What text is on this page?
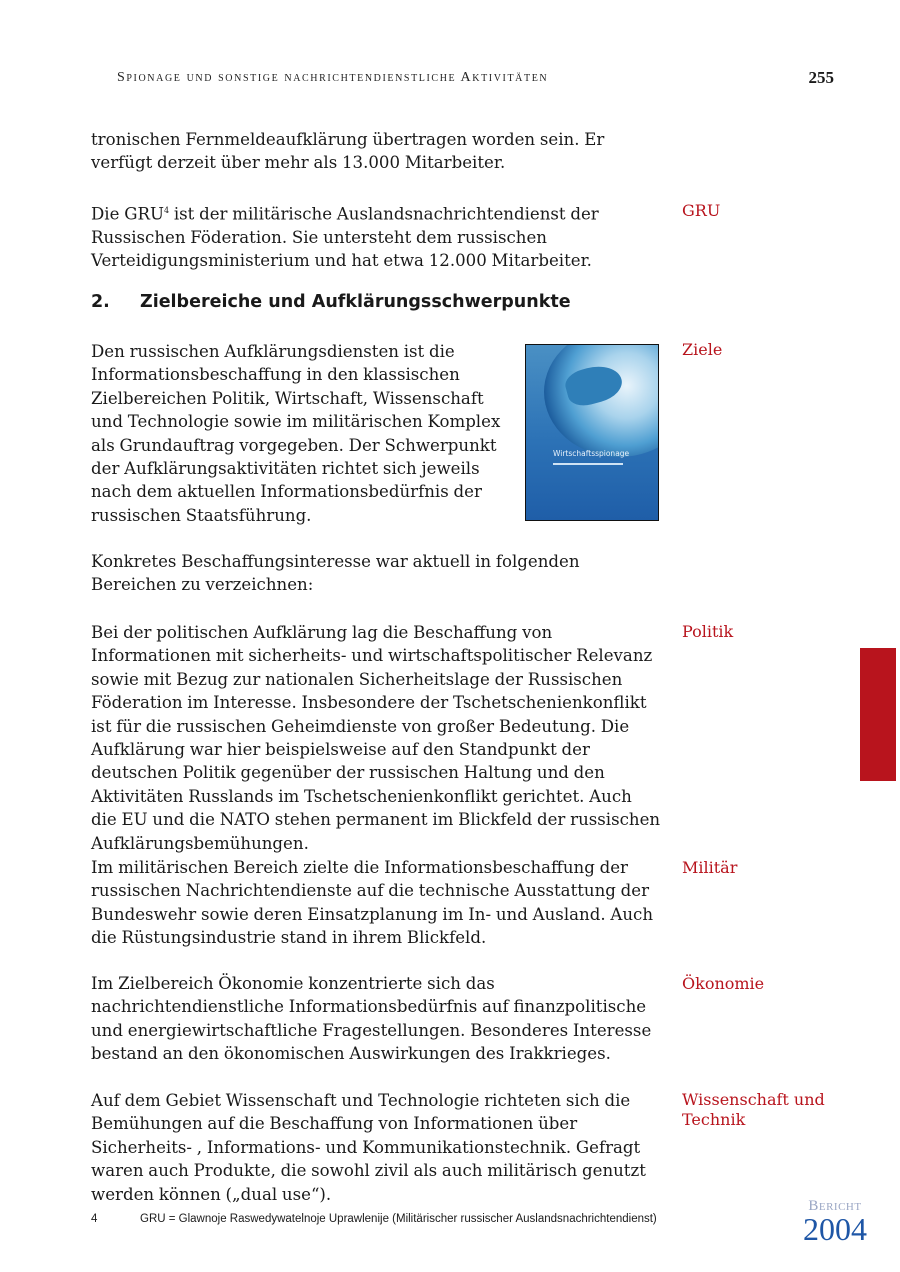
Spionage und sonstige nachrichtendienstliche Aktivitäten	255

tronischen Fernmeldeaufklärung übertragen worden sein. Er verfügt derzeit über mehr als 13.000 Mitarbeiter.

Die GRU$^4$ ist der militärische Auslandsnachrichtendienst der Russischen Föderation. Sie untersteht dem russischen Verteidigungsministerium und hat etwa 12.000 Mitarbeiter.

GRU
2. Zielbereiche und Aufklärungsschwerpunkte

Den russischen Aufklärungsdiensten ist die Informationsbeschaffung in den klassischen Zielbereichen Politik, Wirtschaft, Wissenschaft und Technologie sowie im militärischen Komplex als Grundauftrag vorgegeben. Der Schwerpunkt der Aufklärungsaktivitäten richtet sich jeweils nach dem aktuellen Informationsbedürfnis der russischen Staatsführung.

Ziele
Wirtschaftsspionage

Konkretes Beschaffungsinteresse war aktuell in folgenden Bereichen zu verzeichnen:

Bei der politischen Aufklärung lag die Beschaffung von Informationen mit sicherheits- und wirtschaftspolitischer Relevanz sowie mit Bezug zur nationalen Sicherheitslage der Russischen Föderation im Interesse. Insbesondere der Tschetschenienkonflikt ist für die russischen Geheimdienste von großer Bedeutung. Die Aufklärung war hier beispielsweise auf den Standpunkt der deutschen Politik gegenüber der russischen Haltung und den Aktivitäten Russlands im Tschetschenienkonflikt gerichtet. Auch die EU und die NATO stehen permanent im Blickfeld der russischen Aufklärungsbemühungen.

Politik

Im militärischen Bereich zielte die Informationsbeschaffung der russischen Nachrichtendienste auf die technische Ausstattung der Bundeswehr sowie deren Einsatzplanung im In- und Ausland. Auch die Rüstungsindustrie stand in ihrem Blickfeld.

Militär

Im Zielbereich Ökonomie konzentrierte sich das nachrichtendienstliche Informationsbedürfnis auf finanzpolitische und energiewirtschaftliche Fragestellungen. Besonderes Interesse bestand an den ökonomischen Auswirkungen des Irakkrieges.

Ökonomie

Auf dem Gebiet Wissenschaft und Technologie richteten sich die Bemühungen auf die Beschaffung von Informationen über Sicherheits- , Informations- und Kommunikationstechnik. Gefragt waren auch Produkte, die sowohl zivil als auch militärisch genutzt werden können („dual use“).

Wissenschaft und Technik
4	GRU = Glawnoje Raswedywatelnoje Uprawlenije (Militärischer russischer Auslandsnachrichtendienst)
Bericht
2004
